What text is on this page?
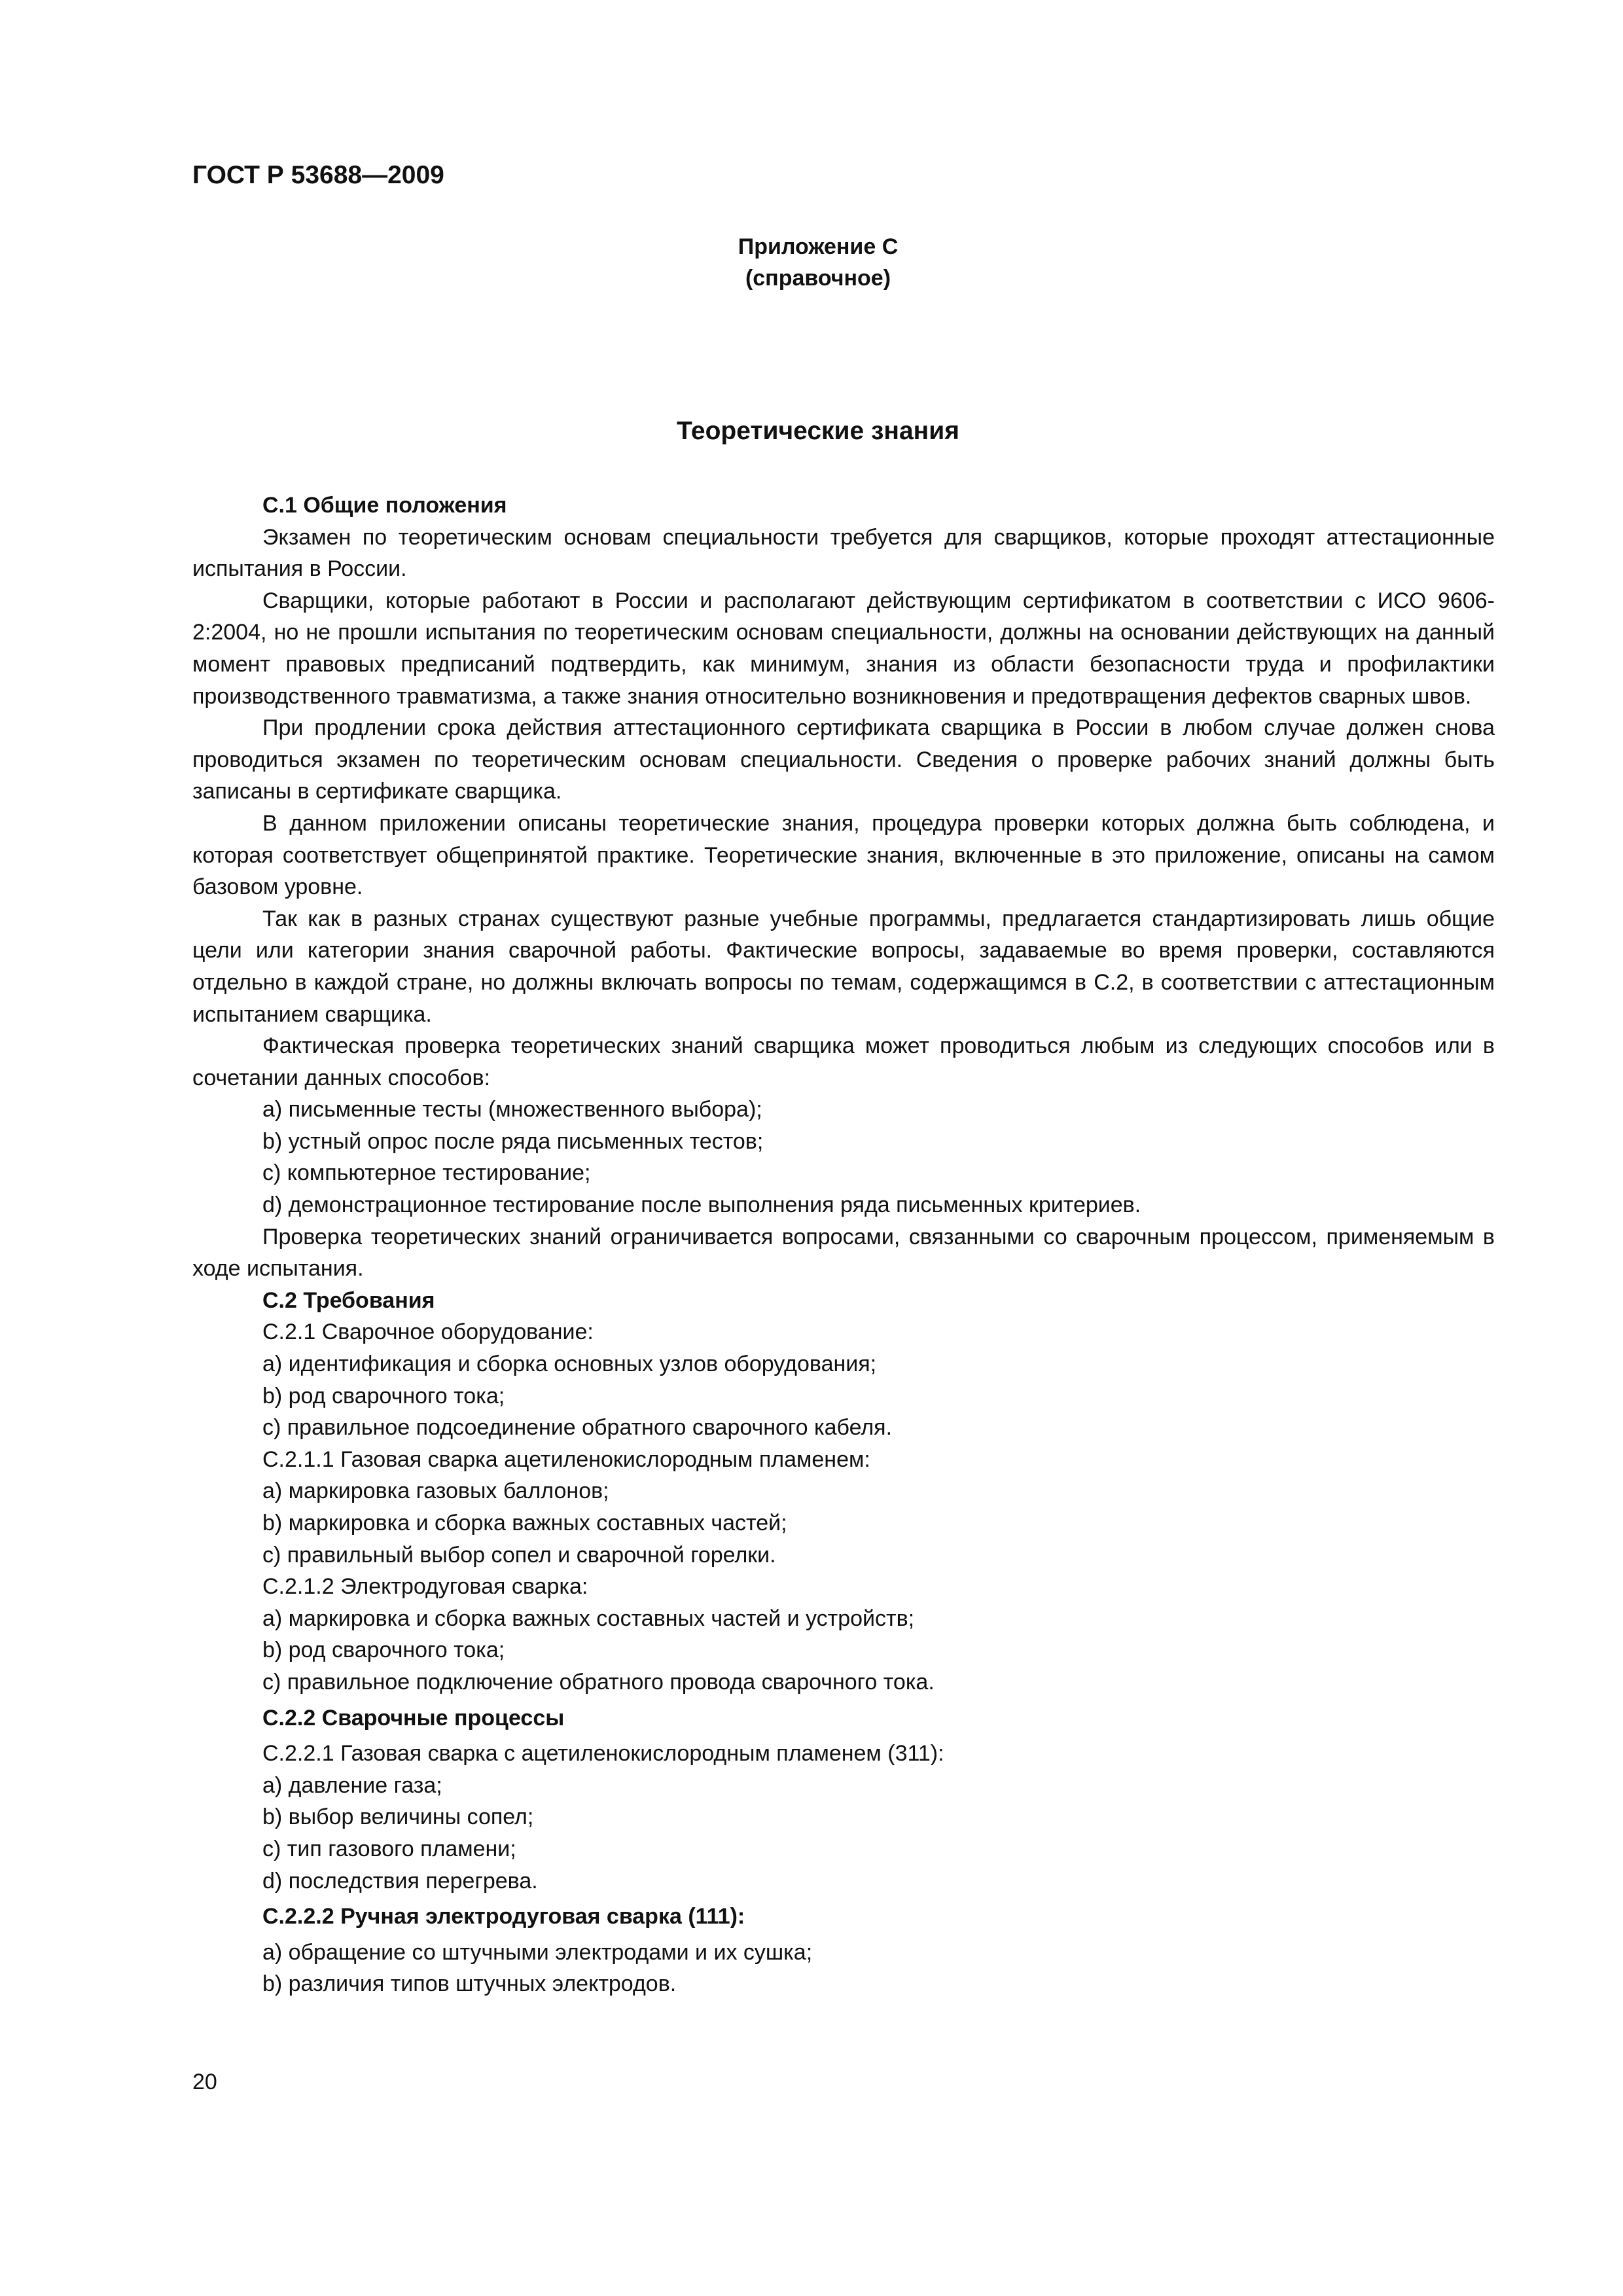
ГОСТ Р 53688—2009
Приложение С
(справочное)
Теоретические знания
С.1 Общие положения

Экзамен по теоретическим основам специальности требуется для сварщиков, которые проходят аттестационные испытания в России.

Сварщики, которые работают в России и располагают действующим сертификатом в соответствии с ИСО 9606-2:2004, но не прошли испытания по теоретическим основам специальности, должны на основании действующих на данный момент правовых предписаний подтвердить, как минимум, знания из области безопасности труда и профилактики производственного травматизма, а также знания относительно возникновения и предотвращения дефектов сварных швов.

При продлении срока действия аттестационного сертификата сварщика в России в любом случае должен снова проводиться экзамен по теоретическим основам специальности. Сведения о проверке рабочих знаний должны быть записаны в сертификате сварщика.

В данном приложении описаны теоретические знания, процедура проверки которых должна быть соблюдена, и которая соответствует общепринятой практике. Теоретические знания, включенные в это приложение, описаны на самом базовом уровне.

Так как в разных странах существуют разные учебные программы, предлагается стандартизировать лишь общие цели или категории знания сварочной работы. Фактические вопросы, задаваемые во время проверки, составляются отдельно в каждой стране, но должны включать вопросы по темам, содержащимся в С.2, в соответствии с аттестационным испытанием сварщика.

Фактическая проверка теоретических знаний сварщика может проводиться любым из следующих способов или в сочетании данных способов:

a) письменные тесты (множественного выбора);
b) устный опрос после ряда письменных тестов;
c) компьютерное тестирование;
d) демонстрационное тестирование после выполнения ряда письменных критериев.

Проверка теоретических знаний ограничивается вопросами, связанными со сварочным процессом, применяемым в ходе испытания.

С.2 Требования
С.2.1 Сварочное оборудование:
a) идентификация и сборка основных узлов оборудования;
b) род сварочного тока;
c) правильное подсоединение обратного сварочного кабеля.
С.2.1.1 Газовая сварка ацетиленокислородным пламенем:
a) маркировка газовых баллонов;
b) маркировка и сборка важных составных частей;
c) правильный выбор сопел и сварочной горелки.
С.2.1.2 Электродуговая сварка:
a) маркировка и сборка важных составных частей и устройств;
b) род сварочного тока;
c) правильное подключение обратного провода сварочного тока.
С.2.2 Сварочные процессы
С.2.2.1 Газовая сварка с ацетиленокислородным пламенем (311):
a) давление газа;
b) выбор величины сопел;
c) тип газового пламени;
d) последствия перегрева.
С.2.2.2 Ручная электродуговая сварка (111):
a) обращение со штучными электродами и их сушка;
b) различия типов штучных электродов.
20
